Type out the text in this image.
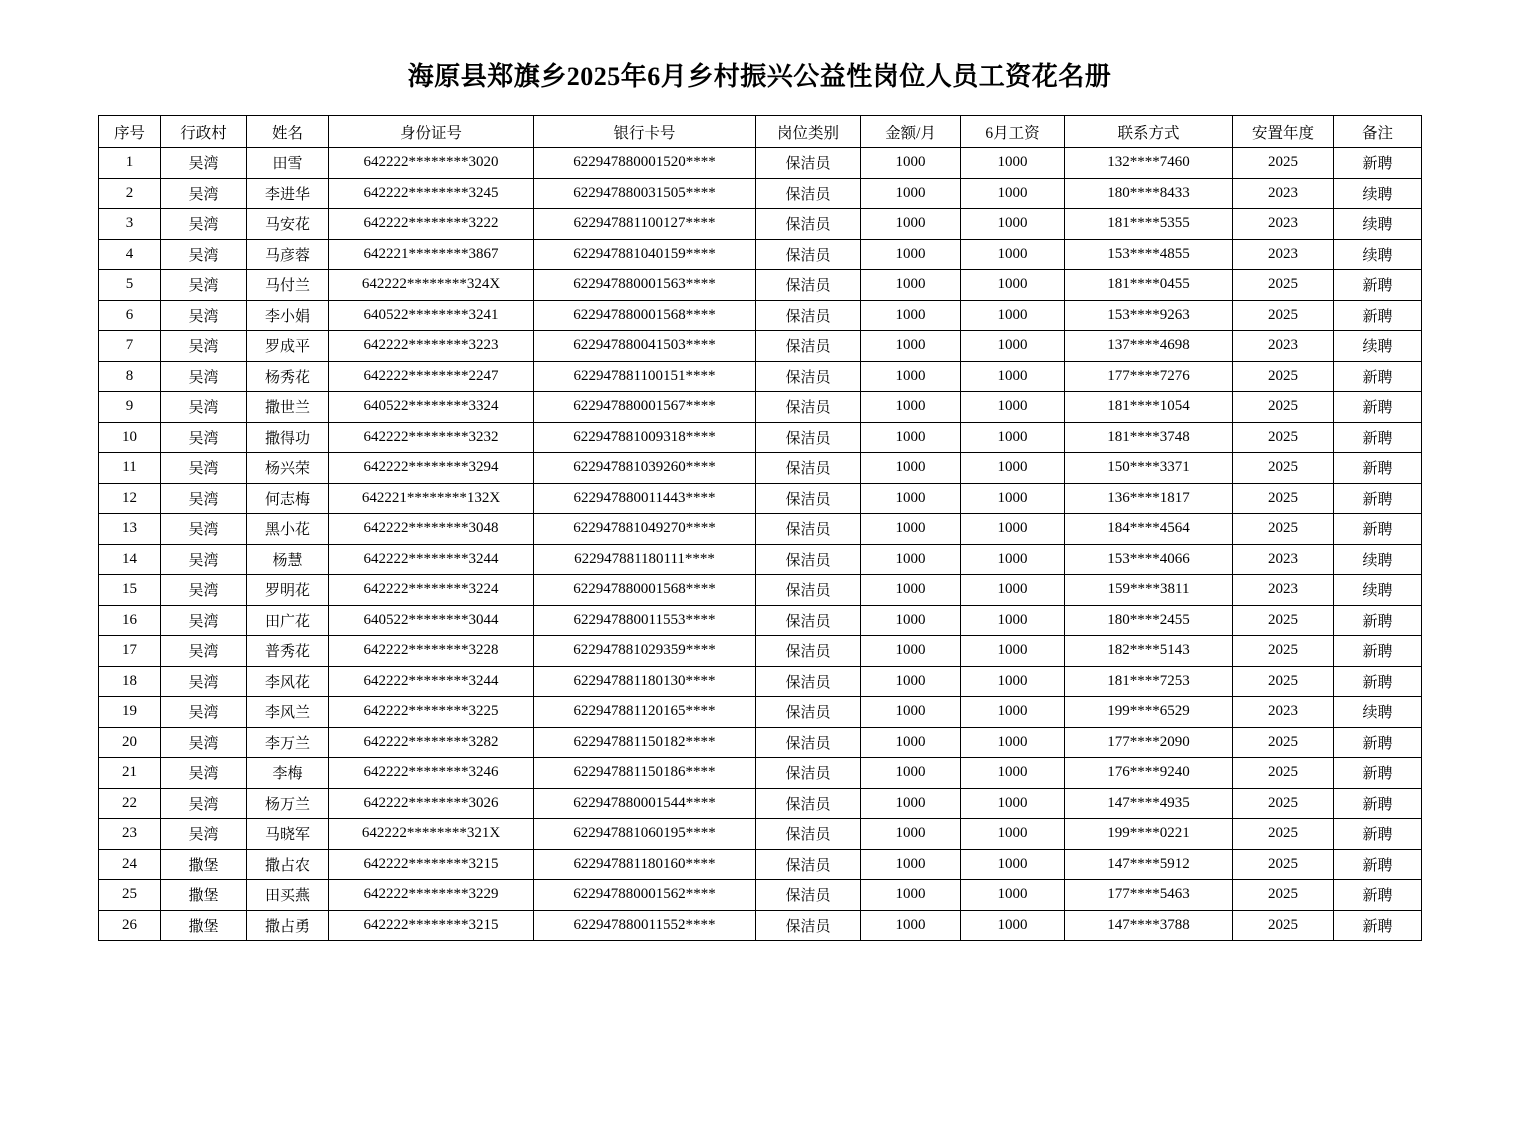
海原县郑旗乡2025年6月乡村振兴公益性岗位人员工资花名册
序号	行政村	姓名	身份证号	银行卡号	岗位类别	金额/月	6月工资	联系方式	安置年度	备注
1	吴湾	田雪	642222********3020	622947880001520****	保洁员	1000	1000	132****7460	2025	新聘
2	吴湾	李进华	642222********3245	622947880031505****	保洁员	1000	1000	180****8433	2023	续聘
3	吴湾	马安花	642222********3222	622947881100127****	保洁员	1000	1000	181****5355	2023	续聘
4	吴湾	马彦蓉	642221********3867	622947881040159****	保洁员	1000	1000	153****4855	2023	续聘
5	吴湾	马付兰	642222********324X	622947880001563****	保洁员	1000	1000	181****0455	2025	新聘
6	吴湾	李小娟	640522********3241	622947880001568****	保洁员	1000	1000	153****9263	2025	新聘
7	吴湾	罗成平	642222********3223	622947880041503****	保洁员	1000	1000	137****4698	2023	续聘
8	吴湾	杨秀花	642222********2247	622947881100151****	保洁员	1000	1000	177****7276	2025	新聘
9	吴湾	撒世兰	640522********3324	622947880001567****	保洁员	1000	1000	181****1054	2025	新聘
10	吴湾	撒得功	642222********3232	622947881009318****	保洁员	1000	1000	181****3748	2025	新聘
11	吴湾	杨兴荣	642222********3294	622947881039260****	保洁员	1000	1000	150****3371	2025	新聘
12	吴湾	何志梅	642221********132X	622947880011443****	保洁员	1000	1000	136****1817	2025	新聘
13	吴湾	黑小花	642222********3048	622947881049270****	保洁员	1000	1000	184****4564	2025	新聘
14	吴湾	杨慧	642222********3244	622947881180111****	保洁员	1000	1000	153****4066	2023	续聘
15	吴湾	罗明花	642222********3224	622947880001568****	保洁员	1000	1000	159****3811	2023	续聘
16	吴湾	田广花	640522********3044	622947880011553****	保洁员	1000	1000	180****2455	2025	新聘
17	吴湾	普秀花	642222********3228	622947881029359****	保洁员	1000	1000	182****5143	2025	新聘
18	吴湾	李风花	642222********3244	622947881180130****	保洁员	1000	1000	181****7253	2025	新聘
19	吴湾	李风兰	642222********3225	622947881120165****	保洁员	1000	1000	199****6529	2023	续聘
20	吴湾	李万兰	642222********3282	622947881150182****	保洁员	1000	1000	177****2090	2025	新聘
21	吴湾	李梅	642222********3246	622947881150186****	保洁员	1000	1000	176****9240	2025	新聘
22	吴湾	杨万兰	642222********3026	622947880001544****	保洁员	1000	1000	147****4935	2025	新聘
23	吴湾	马晓军	642222********321X	622947881060195****	保洁员	1000	1000	199****0221	2025	新聘
24	撒堡	撒占农	642222********3215	622947881180160****	保洁员	1000	1000	147****5912	2025	新聘
25	撒堡	田买燕	642222********3229	622947880001562****	保洁员	1000	1000	177****5463	2025	新聘
26	撒堡	撒占勇	642222********3215	622947880011552****	保洁员	1000	1000	147****3788	2025	新聘
